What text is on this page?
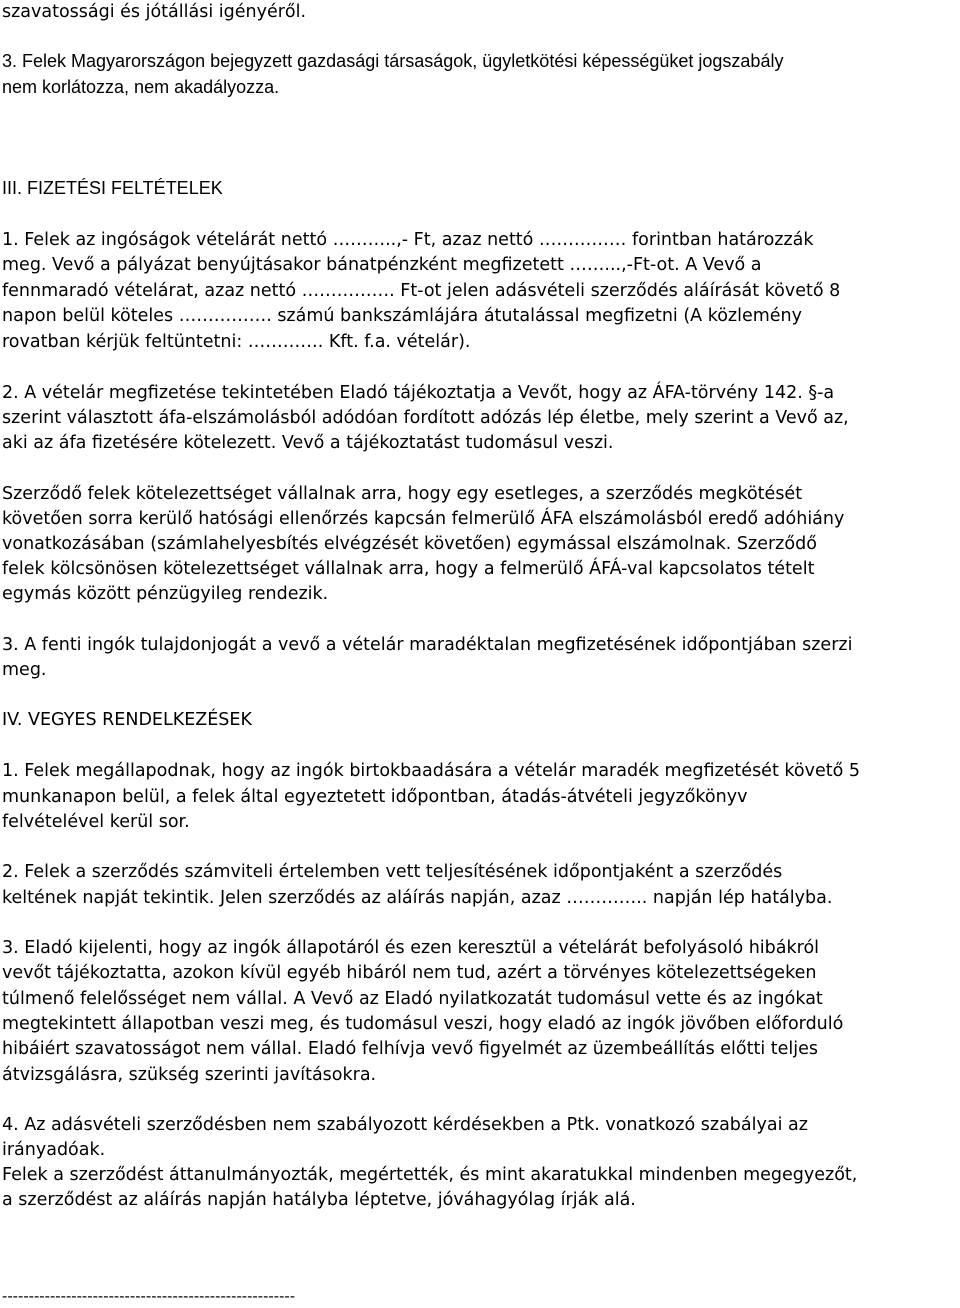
szavatossági és jótállási igényéről.
3. Felek Magyarországon bejegyzett gazdasági társaságok, ügyletkötési képességüket jogszabály
nem korlátozza, nem akadályozza.
III. FIZETÉSI FELTÉTELEK
1. Felek az ingóságok vételárát nettó ………..,- Ft, azaz nettó …………… forintban határozzák
meg. Vevő a pályázat benyújtásakor bánatpénzként megfizetett ……...,-Ft-ot. A Vevő a
fennmaradó vételárat, azaz nettó ……………. Ft-ot jelen adásvételi szerződés aláírását követő 8
napon belül köteles ……………. számú bankszámlájára átutalással megfizetni (A közlemény
rovatban kérjük feltüntetni: …………. Kft. f.a. vételár).
2. A vételár megfizetése tekintetében Eladó tájékoztatja a Vevőt, hogy az ÁFA-törvény 142. §-a
szerint választott áfa-elszámolásból adódóan fordított adózás lép életbe, mely szerint a Vevő az,
aki az áfa fizetésére kötelezett. Vevő a tájékoztatást tudomásul veszi.
Szerződő felek kötelezettséget vállalnak arra, hogy egy esetleges, a szerződés megkötését
követően sorra kerülő hatósági ellenőrzés kapcsán felmerülő ÁFA elszámolásból eredő adóhiány
vonatkozásában (számlahelyesbítés elvégzését követően) egymással elszámolnak. Szerződő
felek kölcsönösen kötelezettséget vállalnak arra, hogy a felmerülő ÁFÁ-val kapcsolatos tételt
egymás között pénzügyileg rendezik.
3. A fenti ingók tulajdonjogát a vevő a vételár maradéktalan megfizetésének időpontjában szerzi
meg.
IV. VEGYES RENDELKEZÉSEK
1. Felek megállapodnak, hogy az ingók birtokbaadására a vételár maradék megfizetését követő 5
munkanapon belül, a felek által egyeztetett időpontban, átadás-átvételi jegyzőkönyv
felvételével kerül sor.
2. Felek a szerződés számviteli értelemben vett teljesítésének időpontjaként a szerződés
keltének napját tekintik. Jelen szerződés az aláírás napján, azaz ………….. napján lép hatályba.
3. Eladó kijelenti, hogy az ingók állapotáról és ezen keresztül a vételárát befolyásoló hibákról
vevőt tájékoztatta, azokon kívül egyéb hibáról nem tud, azért a törvényes kötelezettségeken
túlmenő felelősséget nem vállal. A Vevő az Eladó nyilatkozatát tudomásul vette és az ingókat
megtekintett állapotban veszi meg, és tudomásul veszi, hogy eladó az ingók jövőben előforduló
hibáiért szavatosságot nem vállal. Eladó felhívja vevő figyelmét az üzembeállítás előtti teljes
átvizsgálásra, szükség szerinti javításokra.
4. Az adásvételi szerződésben nem szabályozott kérdésekben a Ptk. vonatkozó szabályai az
irányadóak.
Felek a szerződést áttanulmányozták, megértették, és mint akaratukkal mindenben megegyezőt,
a szerződést az aláírás napján hatályba léptetve, jóváhagyólag írják alá.
-------------------------------------------------------
